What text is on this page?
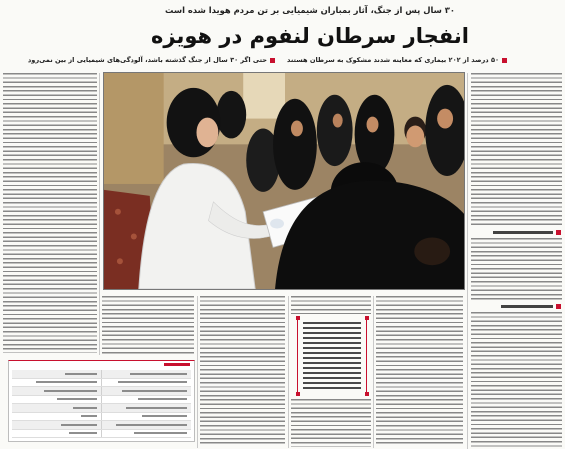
۳۰ سال پس از جنگ، آثار بمباران شیمیایی بر تن مردم هویدا شده است
انفجار سرطان لنفوم در هویزه
۵۰ درصد از ۲۰۲ بیماری که معاینه شدند مشکوک به سرطان هستند
حتی اگر ۳۰ سال از جنگ گذشته باشد، آلودگی‌های شیمیایی از بین نمی‌رود
